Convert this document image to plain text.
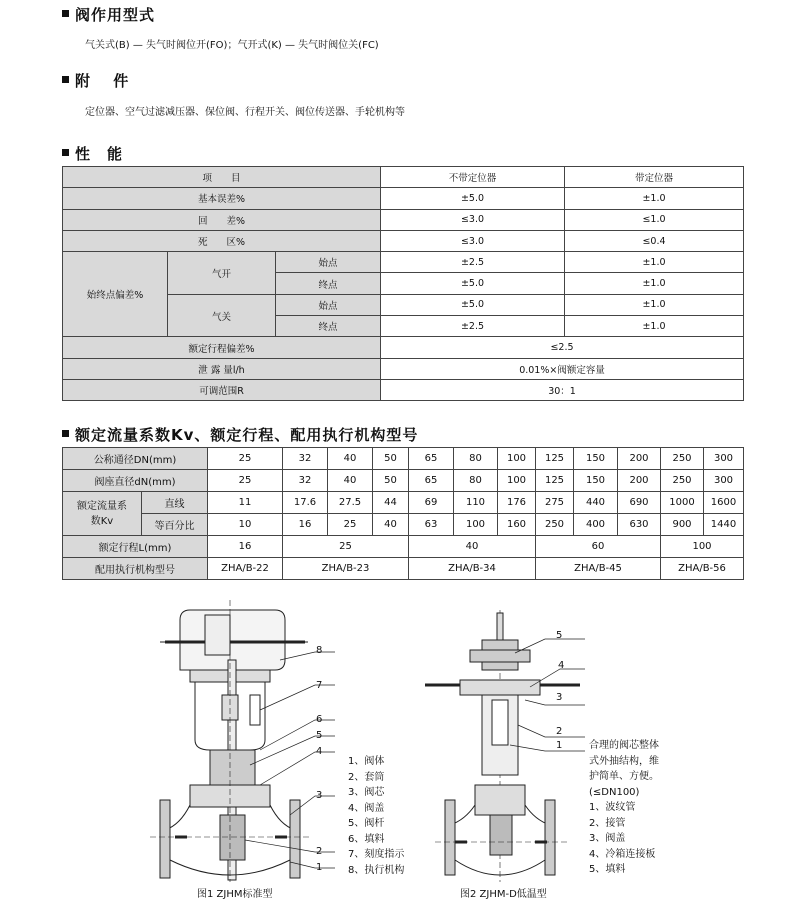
阀作用型式
气关式(B) — 失气时阀位开(FO)；气开式(K) — 失气时阀位关(FC)
附　 件
定位器、空气过滤减压器、保位阀、行程开关、阀位传送器、手轮机构等
性　能
项　　目			不带定位器	带定位器
基本误差%			±5.0	±1.0
回　　差%			≤3.0	≤1.0
死　　区%			≤3.0	≤0.4
始终点偏差%	气开	始点	±2.5	±1.0
		终点	±5.0	±1.0
	气关	始点	±5.0	±1.0
		终点	±2.5	±1.0
额定行程偏差%			≤2.5	
泄 露 量l/h			0.01%×阀额定容量	
可调范围R			30：1	
额定流量系数Kv、额定行程、配用执行机构型号
公称通径DN(mm)		25	32	40	50	65	80	100	125	150	200	250	300
阀座直径dN(mm)		25	32	40	50	65	80	100	125	150	200	250	300
额定流量系数Kv	直线	11	17.6	27.5	44	69	110	176	275	440	690	1000	1600
	等百分比	10	16	25	40	63	100	160	250	400	630	900	1440
额定行程L(mm)		16	25			40			60			100	
配用执行机构型号		ZHA/B-22	ZHA/B-23			ZHA/B-34			ZHA/B-45			ZHA/B-56	
8
7
6
5
4
3
2
1
1、阀体
2、套筒
3、阀芯
4、阀盖
5、阀杆
6、填料
7、刻度指示
8、执行机构
图1 ZJHM标准型
5
4
3
2
1	合理的阀芯整体
式外抽结构，维
护简单、方便。
(≤DN100)
1、波纹管
2、接管
3、阀盖
4、冷箱连接板
5、填料
图2 ZJHM-D低温型
